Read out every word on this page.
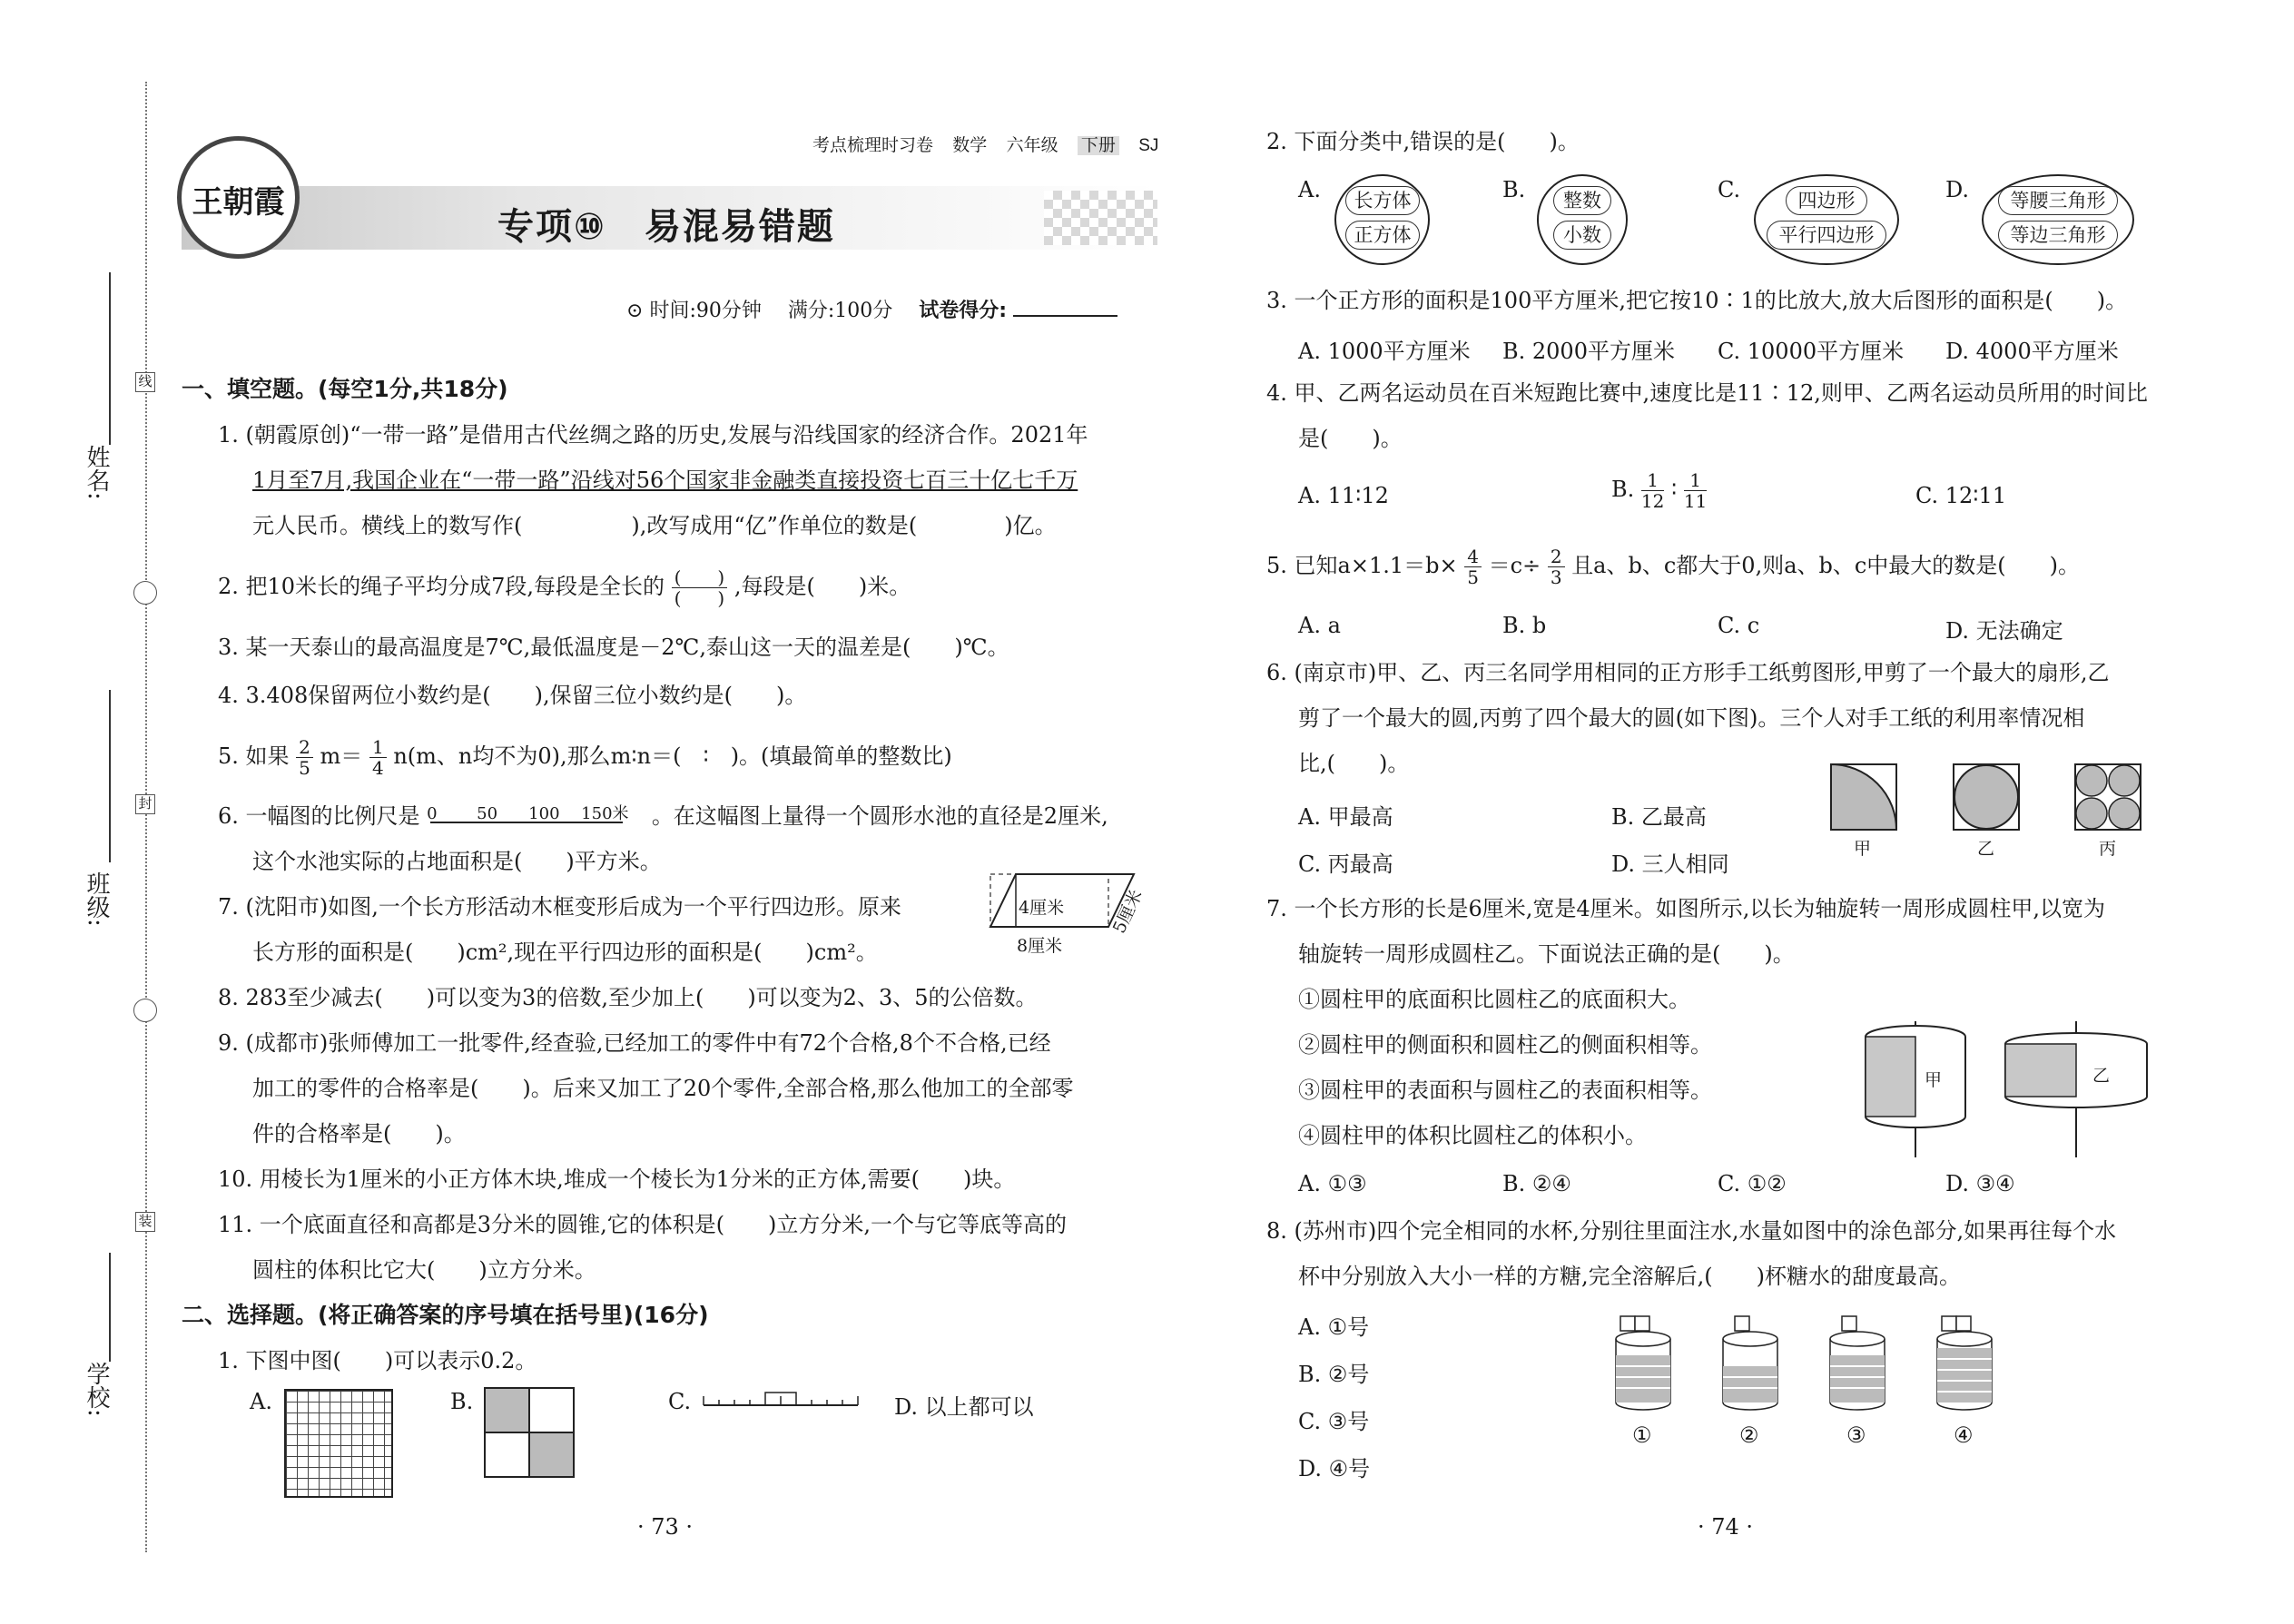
姓名:
班级:
学校:
线
封
装
王朝霞
考点梳理时习卷 数学 六年级 下册 SJ
专项⑩　易混易错题
⊙ 时间:90分钟 满分:100分 试卷得分:
一、填空题。(每空1分,共18分)
1. (朝霞原创)“一带一路”是借用古代丝绸之路的历史,发展与沿线国家的经济合作。2021年
1月至7月,我国企业在“一带一路”沿线对56个国家非金融类直接投资七百三十亿七千万
元人民币。横线上的数写作(　　　　　),改写成用“亿”作单位的数是(　　　　)亿。
2. 把10米长的绳子平均分成7段,每段是全长的 $\frac{( )}{( )}$ ,每段是(　　)米。
3. 某一天泰山的最高温度是7℃,最低温度是－2℃,泰山这一天的温差是(　　)℃。
4. 3.408保留两位小数约是(　　),保留三位小数约是(　　)。
5. 如果 $\frac{2}{5} m= \frac{1}{4} n(m$、n均不为0),那么m∶n＝(　∶　)。(填最简单的整数比)
6. 一幅图的比例尺是 0 50 100 150米 。在这幅图上量得一个圆形水池的直径是2厘米,
这个水池实际的占地面积是(　　)平方米。
7. (沈阳市)如图,一个长方形活动木框变形后成为一个平行四边形。原来
长方形的面积是(　　)cm²,现在平行四边形的面积是(　　)cm²。
4厘米	5厘米
8厘米
8. 283至少减去(　　)可以变为3的倍数,至少加上(　　)可以变为2、3、5的公倍数。
9. (成都市)张师傅加工一批零件,经查验,已经加工的零件中有72个合格,8个不合格,已经
加工的零件的合格率是(　　)。后来又加工了20个零件,全部合格,那么他加工的全部零
件的合格率是(　　)。
10. 用棱长为1厘米的小正方体木块,堆成一个棱长为1分米的正方体,需要(　　)块。
11. 一个底面直径和高都是3分米的圆锥,它的体积是(　　)立方分米,一个与它等底等高的
圆柱的体积比它大(　　)立方分米。
二、选择题。(将正确答案的序号填在括号里)(16分)
1. 下图中图(　　)可以表示0.2。
A.	B.	C.	D. 以上都可以
· 73 ·
2. 下面分类中,错误的是(　　)。
A.	长方体
正方体
B.	整数
小数
C.	四边形
平行四边形
D.	等腰三角形
等边三角形
3. 一个正方形的面积是100平方厘米,把它按10∶1的比放大,放大后图形的面积是(　　)。
A. 1000平方厘米 B. 2000平方厘米 C. 10000平方厘米 D. 4000平方厘米
4. 甲、乙两名运动员在百米短跑比赛中,速度比是11∶12,则甲、乙两名运动员所用的时间比
是(　　)。
A. 11∶12	B. $\frac{1}{12}$ ∶ $\frac{1}{11}$	C. 12∶11
5. 已知$a\times 1.1=b\times \frac{4}{5} =c\div \frac{2}{3}$ 且a、b、c都大于0,则a、b、c中最大的数是(　　)。
A. a	B. b	C. c	D. 无法确定
6. (南京市)甲、乙、丙三名同学用相同的正方形手工纸剪图形,甲剪了一个最大的扇形,乙
剪了一个最大的圆,丙剪了四个最大的圆(如下图)。三个人对手工纸的利用率情况相
比,(　　)。
A. 甲最高	B. 乙最高
C. 丙最高	D. 三人相同
甲	乙	丙
7. 一个长方形的长是6厘米,宽是4厘米。如图所示,以长为轴旋转一周形成圆柱甲,以宽为
轴旋转一周形成圆柱乙。下面说法正确的是(　　)。
①圆柱甲的底面积比圆柱乙的底面积大。
②圆柱甲的侧面积和圆柱乙的侧面积相等。
③圆柱甲的表面积与圆柱乙的表面积相等。
④圆柱甲的体积比圆柱乙的体积小。
甲	乙
A. ①③	B. ②④	C. ①②	D. ③④
8. (苏州市)四个完全相同的水杯,分别往里面注水,水量如图中的涂色部分,如果再往每个水
杯中分别放入大小一样的方糖,完全溶解后,(　　)杯糖水的甜度最高。
A. ①号
B. ②号
C. ③号
D. ④号
①	②	③	④
· 74 ·
